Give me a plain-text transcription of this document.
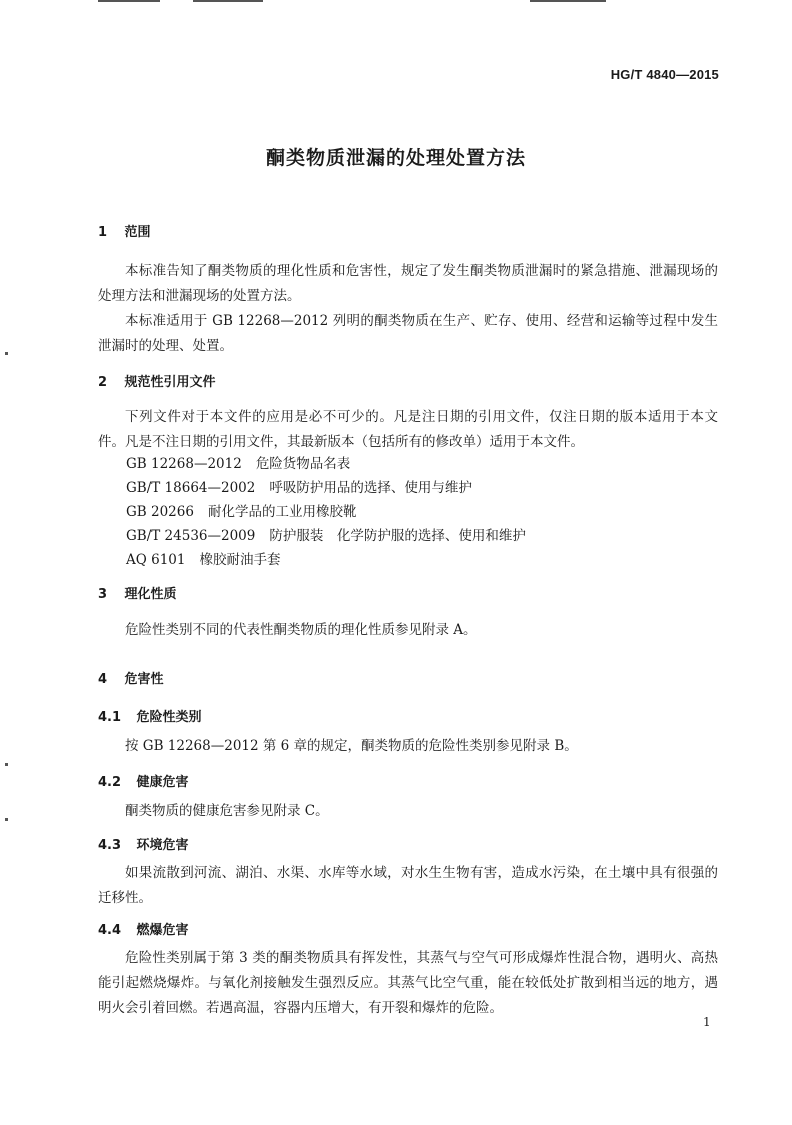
HG/T 4840—2015
酮类物质泄漏的处理处置方法
1 范围

本标准告知了酮类物质的理化性质和危害性，规定了发生酮类物质泄漏时的紧急措施、泄漏现场的处理方法和泄漏现场的处置方法。

本标准适用于 GB 12268—2012 列明的酮类物质在生产、贮存、使用、经营和运输等过程中发生泄漏时的处理、处置。

2 规范性引用文件

下列文件对于本文件的应用是必不可少的。凡是注日期的引用文件，仅注日期的版本适用于本文件。凡是不注日期的引用文件，其最新版本（包括所有的修改单）适用于本文件。

GB 12268—2012 危险货物品名表
GB/T 18664—2002 呼吸防护用品的选择、使用与维护
GB 20266 耐化学品的工业用橡胶靴
GB/T 24536—2009 防护服装　化学防护服的选择、使用和维护
AQ 6101 橡胶耐油手套
3 理化性质

危险性类别不同的代表性酮类物质的理化性质参见附录 A。

4 危害性
4.1 危险性类别

按 GB 12268—2012 第 6 章的规定，酮类物质的危险性类别参见附录 B。

4.2 健康危害

酮类物质的健康危害参见附录 C。

4.3 环境危害

如果流散到河流、湖泊、水渠、水库等水域，对水生生物有害，造成水污染，在土壤中具有很强的迁移性。

4.4 燃爆危害

危险性类别属于第 3 类的酮类物质具有挥发性，其蒸气与空气可形成爆炸性混合物，遇明火、高热能引起燃烧爆炸。与氧化剂接触发生强烈反应。其蒸气比空气重，能在较低处扩散到相当远的地方，遇明火会引着回燃。若遇高温，容器内压增大，有开裂和爆炸的危险。

1
